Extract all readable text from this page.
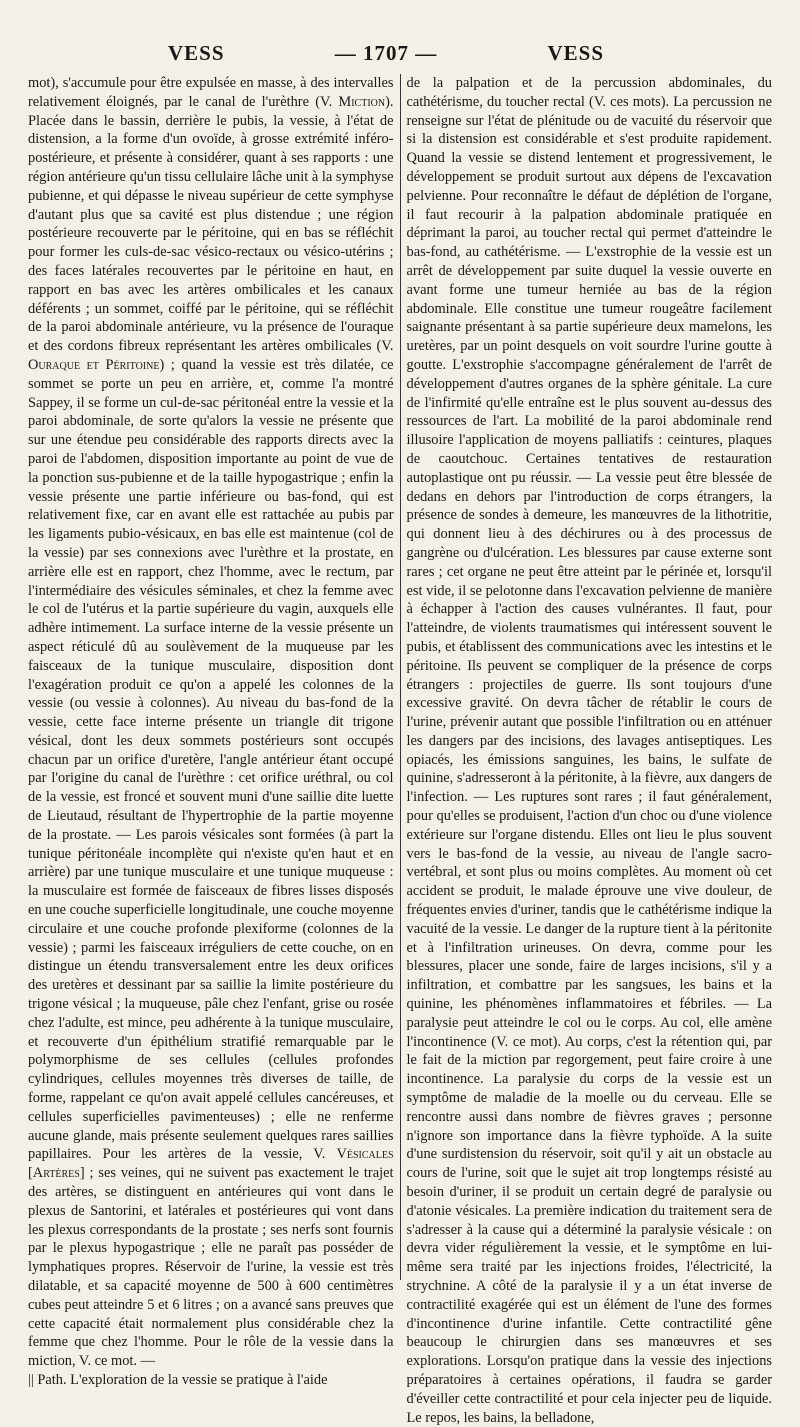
VESS	— 1707 —	VESS

mot), s'accumule pour être expulsée en masse, à des intervalles relativement éloignés, par le canal de l'urèthre (V. Miction). Placée dans le bassin, derrière le pubis, la vessie, à l'état de distension, a la forme d'un ovoïde, à grosse extrémité inféro-postérieure, et présente à considérer, quant à ses rapports : une région antérieure qu'un tissu cellulaire lâche unit à la symphyse pubienne, et qui dépasse le niveau supérieur de cette symphyse d'autant plus que sa cavité est plus distendue ; une région postérieure recouverte par le péritoine, qui en bas se réfléchit pour former les culs-de-sac vésico-rectaux ou vésico-utérins ; des faces latérales recouvertes par le péritoine en haut, en rapport en bas avec les artères ombilicales et les canaux déférents ; un sommet, coiffé par le péritoine, qui se réfléchit de la paroi abdominale antérieure, vu la présence de l'ouraque et des cordons fibreux représentant les artères ombilicales (V. Ouraque et Péritoine) ; quand la vessie est très dilatée, ce sommet se porte un peu en arrière, et, comme l'a montré Sappey, il se forme un cul-de-sac péritonéal entre la vessie et la paroi abdominale, de sorte qu'alors la vessie ne présente que sur une étendue peu considérable des rapports directs avec la paroi de l'abdomen, disposition importante au point de vue de la ponction sus-pubienne et de la taille hypogastrique ; enfin la vessie présente une partie inférieure ou bas-fond, qui est relativement fixe, car en avant elle est rattachée au pubis par les ligaments pubio-vésicaux, en bas elle est maintenue (col de la vessie) par ses connexions avec l'urèthre et la prostate, en arrière elle est en rapport, chez l'homme, avec le rectum, par l'intermédiaire des vésicules séminales, et chez la femme avec le col de l'utérus et la partie supérieure du vagin, auxquels elle adhère intimement. La surface interne de la vessie présente un aspect réticulé dû au soulèvement de la muqueuse par les faisceaux de la tunique musculaire, disposition dont l'exagération produit ce qu'on a appelé les colonnes de la vessie (ou vessie à colonnes). Au niveau du bas-fond de la vessie, cette face interne présente un triangle dit trigone vésical, dont les deux sommets postérieurs sont occupés chacun par un orifice d'uretère, l'angle antérieur étant occupé par l'origine du canal de l'urèthre : cet orifice uréthral, ou col de la vessie, est froncé et souvent muni d'une saillie dite luette de Lieutaud, résultant de l'hypertrophie de la partie moyenne de la prostate. — Les parois vésicales sont formées (à part la tunique péritonéale incomplète qui n'existe qu'en haut et en arrière) par une tunique musculaire et une tunique muqueuse : la musculaire est formée de faisceaux de fibres lisses disposés en une couche superficielle longitudinale, une couche moyenne circulaire et une couche profonde plexiforme (colonnes de la vessie) ; parmi les faisceaux irréguliers de cette couche, on en distingue un étendu transversalement entre les deux orifices des uretères et dessinant par sa saillie la limite postérieure du trigone vésical ; la muqueuse, pâle chez l'enfant, grise ou rosée chez l'adulte, est mince, peu adhérente à la tunique musculaire, et recouverte d'un épithélium stratifié remarquable par le polymorphisme de ses cellules (cellules profondes cylindriques, cellules moyennes très diverses de taille, de forme, rappelant ce qu'on avait appelé cellules cancéreuses, et cellules superficielles pavimenteuses) ; elle ne renferme aucune glande, mais présente seulement quelques rares saillies papillaires. Pour les artères de la vessie, V. Vésicales [Artères] ; ses veines, qui ne suivent pas exactement le trajet des artères, se distinguent en antérieures qui vont dans le plexus de Santorini, et latérales et postérieures qui vont dans les plexus correspondants de la prostate ; ses nerfs sont fournis par le plexus hypogastrique ; elle ne paraît pas posséder de lymphatiques propres. Réservoir de l'urine, la vessie est très dilatable, et sa capacité moyenne de 500 à 600 centimètres cubes peut atteindre 5 et 6 litres ; on a avancé sans preuves que cette capacité était normalement plus considérable chez la femme que chez l'homme. Pour le rôle de la vessie dans la miction, V. ce mot. —

|| Path. L'exploration de la vessie se pratique à l'aide

de la palpation et de la percussion abdominales, du cathétérisme, du toucher rectal (V. ces mots). La percussion ne renseigne sur l'état de plénitude ou de vacuité du réservoir que si la distension est considérable et s'est produite rapidement. Quand la vessie se distend lentement et progressivement, le développement se produit surtout aux dépens de l'excavation pelvienne. Pour reconnaître le défaut de déplétion de l'organe, il faut recourir à la palpation abdominale pratiquée en déprimant la paroi, au toucher rectal qui permet d'atteindre le bas-fond, au cathétérisme. — L'exstrophie de la vessie est un arrêt de développement par suite duquel la vessie ouverte en avant forme une tumeur herniée au bas de la région abdominale. Elle constitue une tumeur rougeâtre facilement saignante présentant à sa partie supérieure deux mamelons, les uretères, par un point desquels on voit sourdre l'urine goutte à goutte. L'exstrophie s'accompagne généralement de l'arrêt de développement d'autres organes de la sphère génitale. La cure de l'infirmité qu'elle entraîne est le plus souvent au-dessus des ressources de l'art. La mobilité de la paroi abdominale rend illusoire l'application de moyens palliatifs : ceintures, plaques de caoutchouc. Certaines tentatives de restauration autoplastique ont pu réussir. — La vessie peut être blessée de dedans en dehors par l'introduction de corps étrangers, la présence de sondes à demeure, les manœuvres de la lithotritie, qui donnent lieu à des déchirures ou à des processus de gangrène ou d'ulcération. Les blessures par cause externe sont rares ; cet organe ne peut être atteint par le périnée et, lorsqu'il est vide, il se pelotonne dans l'excavation pelvienne de manière à échapper à l'action des causes vulnérantes. Il faut, pour l'atteindre, de violents traumatismes qui intéressent souvent le pubis, et établissent des communications avec les intestins et le péritoine. Ils peuvent se compliquer de la présence de corps étrangers : projectiles de guerre. Ils sont toujours d'une excessive gravité. On devra tâcher de rétablir le cours de l'urine, prévenir autant que possible l'infiltration ou en atténuer les dangers par des incisions, des lavages antiseptiques. Les opiacés, les émissions sanguines, les bains, le sulfate de quinine, s'adresseront à la péritonite, à la fièvre, aux dangers de l'infection. — Les ruptures sont rares ; il faut généralement, pour qu'elles se produisent, l'action d'un choc ou d'une violence extérieure sur l'organe distendu. Elles ont lieu le plus souvent vers le bas-fond de la vessie, au niveau de l'angle sacro-vertébral, et sont plus ou moins complètes. Au moment où cet accident se produit, le malade éprouve une vive douleur, de fréquentes envies d'uriner, tandis que le cathétérisme indique la vacuité de la vessie. Le danger de la rupture tient à la péritonite et à l'infiltration urineuses. On devra, comme pour les blessures, placer une sonde, faire de larges incisions, s'il y a infiltration, et combattre par les sangsues, les bains et la quinine, les phénomènes inflammatoires et fébriles. — La paralysie peut atteindre le col ou le corps. Au col, elle amène l'incontinence (V. ce mot). Au corps, c'est la rétention qui, par le fait de la miction par regorgement, peut faire croire à une incontinence. La paralysie du corps de la vessie est un symptôme de maladie de la moelle ou du cerveau. Elle se rencontre aussi dans nombre de fièvres graves ; personne n'ignore son importance dans la fièvre typhoïde. A la suite d'une surdistension du réservoir, soit qu'il y ait un obstacle au cours de l'urine, soit que le sujet ait trop longtemps résisté au besoin d'uriner, il se produit un certain degré de paralysie ou d'atonie vésicales. La première indication du traitement sera de s'adresser à la cause qui a déterminé la paralysie vésicale : on devra vider régulièrement la vessie, et le symptôme en lui-même sera traité par les injections froides, l'électricité, la strychnine. A côté de la paralysie il y a un état inverse de contractilité exagérée qui est un élément de l'une des formes d'incontinence d'urine infantile. Cette contractilité gêne beaucoup le chirurgien dans ses manœuvres et ses explorations. Lorsqu'on pratique dans la vessie des injections préparatoires à certaines opérations, il faudra se garder d'éveiller cette contractilité et pour cela injecter peu de liquide. Le repos, les bains, la belladone,
